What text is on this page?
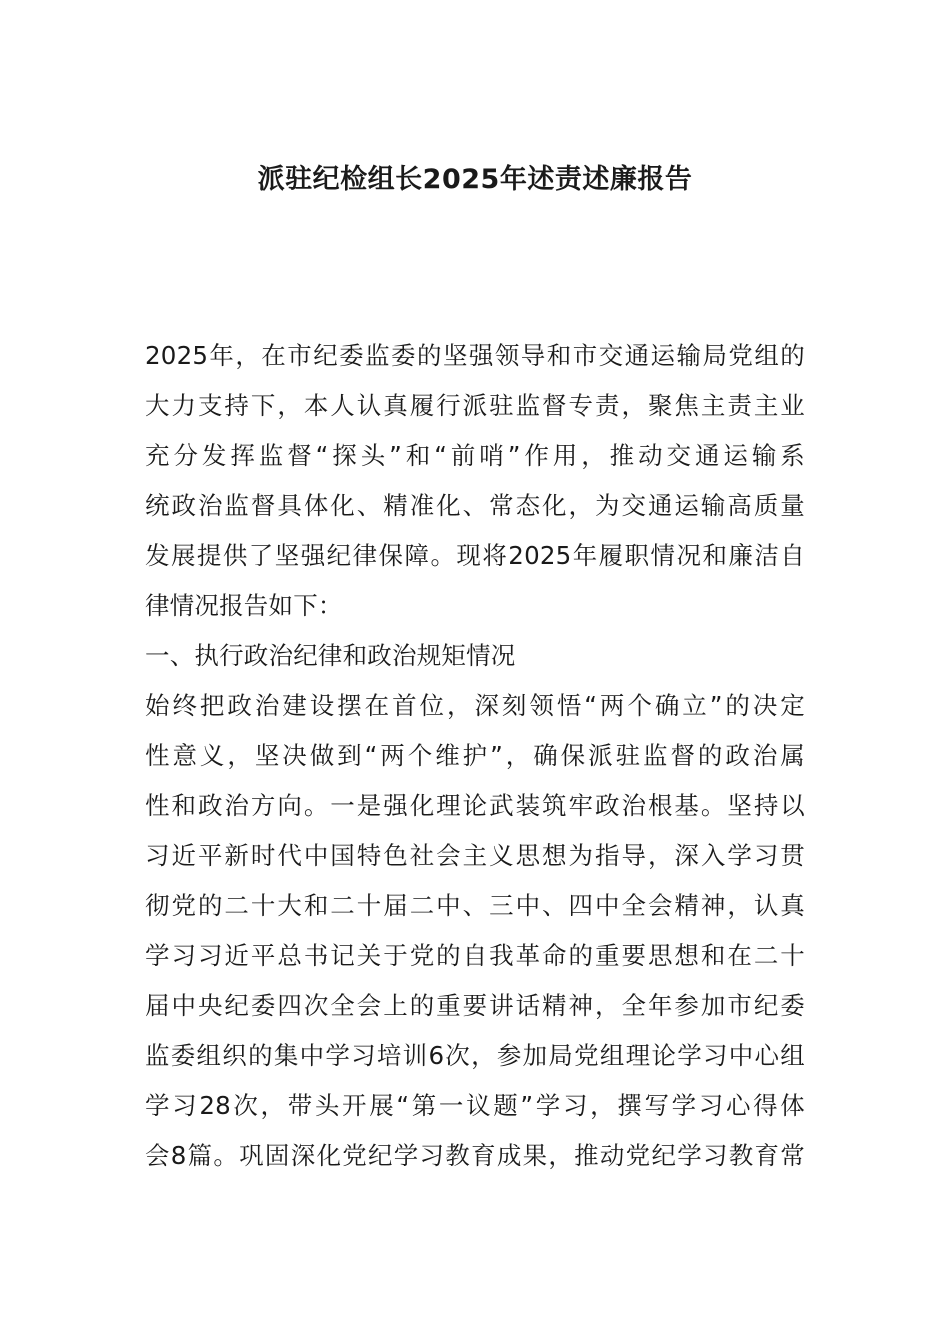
派驻纪检组长2025年述责述廉报告
2025年，在市纪委监委的坚强领导和市交通运输局党组的
大力支持下，本人认真履行派驻监督专责，聚焦主责主业
充分发挥监督“探头”和“前哨”作用，推动交通运输系
统政治监督具体化、精准化、常态化，为交通运输高质量
发展提供了坚强纪律保障。现将2025年履职情况和廉洁自
律情况报告如下：
一、执行政治纪律和政治规矩情况
始终把政治建设摆在首位，深刻领悟“两个确立”的决定
性意义，坚决做到“两个维护”，确保派驻监督的政治属
性和政治方向。一是强化理论武装筑牢政治根基。坚持以
习近平新时代中国特色社会主义思想为指导，深入学习贯
彻党的二十大和二十届二中、三中、四中全会精神，认真
学习习近平总书记关于党的自我革命的重要思想和在二十
届中央纪委四次全会上的重要讲话精神，全年参加市纪委
监委组织的集中学习培训6次，参加局党组理论学习中心组
学习28次，带头开展“第一议题”学习，撰写学习心得体
会8篇。巩固深化党纪学习教育成果，推动党纪学习教育常
